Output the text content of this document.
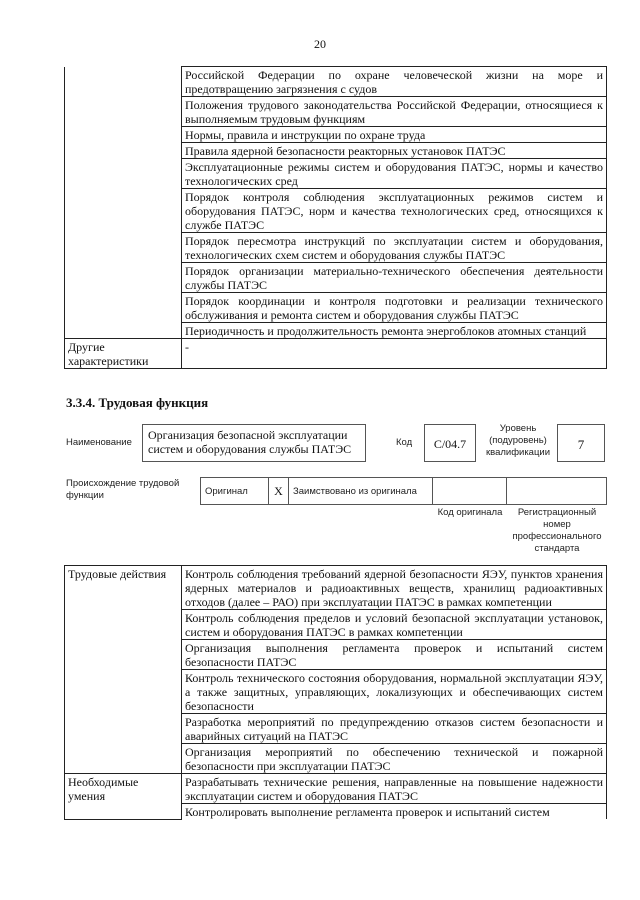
20
	Российской Федерации по охране человеческой жизни на море и предотвращению загрязнения с судов
	Положения трудового законодательства Российской Федерации, относящиеся к выполняемым трудовым функциям
	Нормы, правила и инструкции по охране труда
	Правила ядерной безопасности реакторных установок ПАТЭС
	Эксплуатационные режимы систем и оборудования ПАТЭС, нормы и качество технологических сред
	Порядок контроля соблюдения эксплуатационных режимов систем и оборудования ПАТЭС, норм и качества технологических сред, относящихся к службе ПАТЭС
	Порядок пересмотра инструкций по эксплуатации систем и оборудования, технологических схем систем и оборудования службы ПАТЭС
	Порядок организации материально-технического обеспечения деятельности службы ПАТЭС
	Порядок координации и контроля подготовки и реализации технического обслуживания и ремонта систем и оборудования службы ПАТЭС
	Периодичность и продолжительность ремонта энергоблоков атомных станций
Другие характеристики	-
3.3.4. Трудовая функция
Наименование
Организация безопасной эксплуатации систем и оборудования службы ПАТЭС	Код	C/04.7
Уровень (подуровень) квалификации
7
Происхождение трудовой функции	Оригинал	X	Заимствовано из оригинала		
Код оригинала	Регистрационный номер профессионального стандарта
Трудовые действия	Контроль соблюдения требований ядерной безопасности ЯЭУ, пунктов хранения ядерных материалов и радиоактивных веществ, хранилищ радиоактивных отходов (далее – РАО) при эксплуатации ПАТЭС в рамках компетенции
	Контроль соблюдения пределов и условий безопасной эксплуатации установок, систем и оборудования ПАТЭС в рамках компетенции
	Организация выполнения регламента проверок и испытаний систем безопасности ПАТЭС
	Контроль технического состояния оборудования, нормальной эксплуатации ЯЭУ, а также защитных, управляющих, локализующих и обеспечивающих систем безопасности
	Разработка мероприятий по предупреждению отказов систем безопасности и аварийных ситуаций на ПАТЭС
	Организация мероприятий по обеспечению технической и пожарной безопасности при эксплуатации ПАТЭС
Необходимые умения	Разрабатывать технические решения, направленные на повышение надежности эксплуатации систем и оборудования ПАТЭС
	Контролировать выполнение регламента проверок и испытаний систем
